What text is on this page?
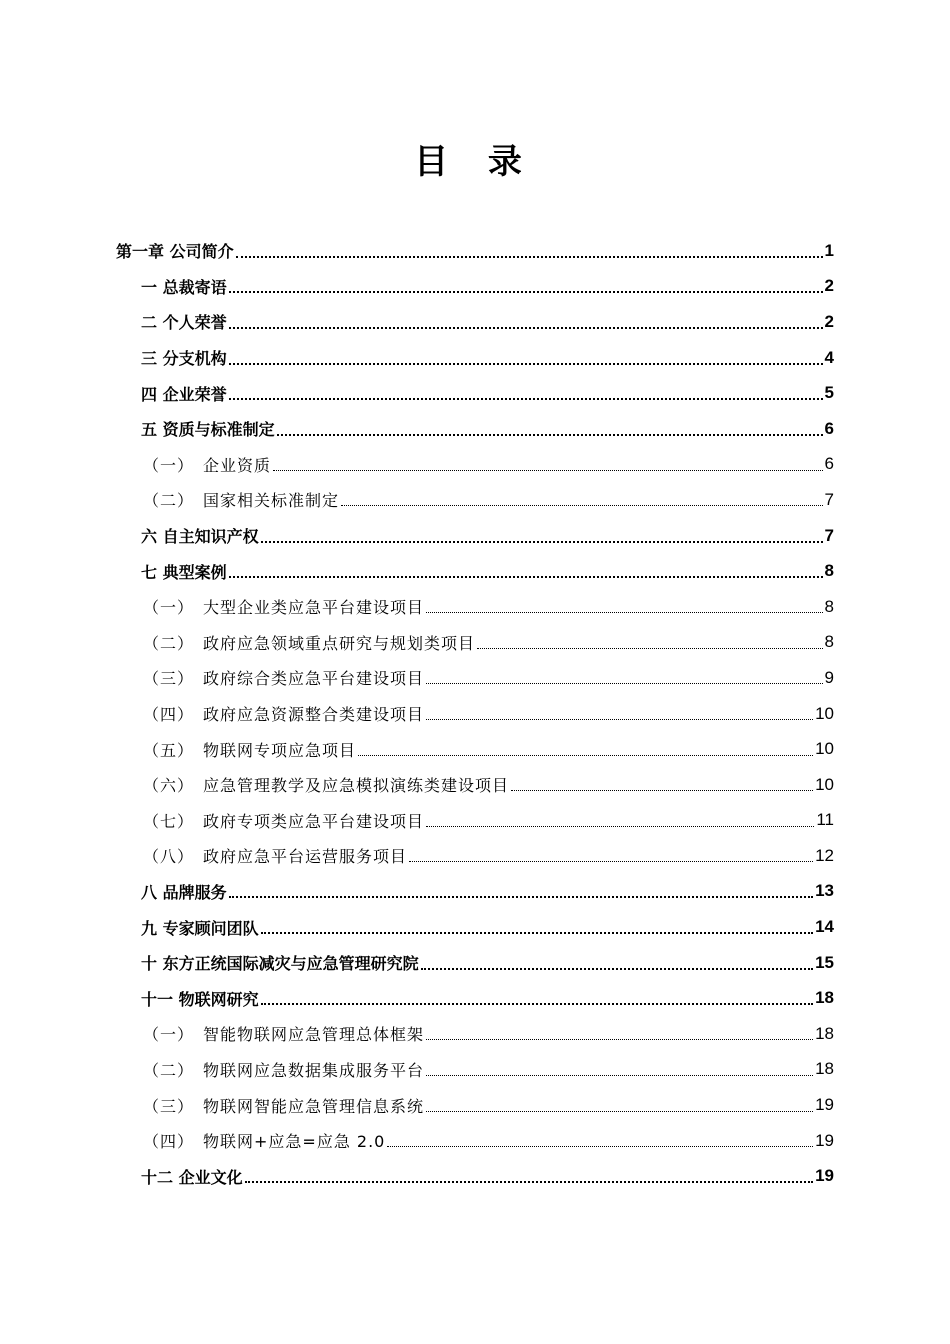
目 录
第一章 公司简介	1
一 总裁寄语	2
二 个人荣誉	2
三 分支机构	4
四 企业荣誉	5
五 资质与标准制定	6
（一） 企业资质	6
（二） 国家相关标准制定	7
六 自主知识产权	7
七 典型案例	8
（一） 大型企业类应急平台建设项目	8
（二） 政府应急领域重点研究与规划类项目	8
（三） 政府综合类应急平台建设项目	9
（四） 政府应急资源整合类建设项目	10
（五） 物联网专项应急项目	10
（六） 应急管理教学及应急模拟演练类建设项目	10
（七） 政府专项类应急平台建设项目	11
（八） 政府应急平台运营服务项目	12
八 品牌服务	13
九 专家顾问团队	14
十 东方正统国际减灾与应急管理研究院	15
十一 物联网研究	18
（一） 智能物联网应急管理总体框架	18
（二） 物联网应急数据集成服务平台	18
（三） 物联网智能应急管理信息系统	19
（四） 物联网+应急=应急 2.0	19
十二 企业文化	19
